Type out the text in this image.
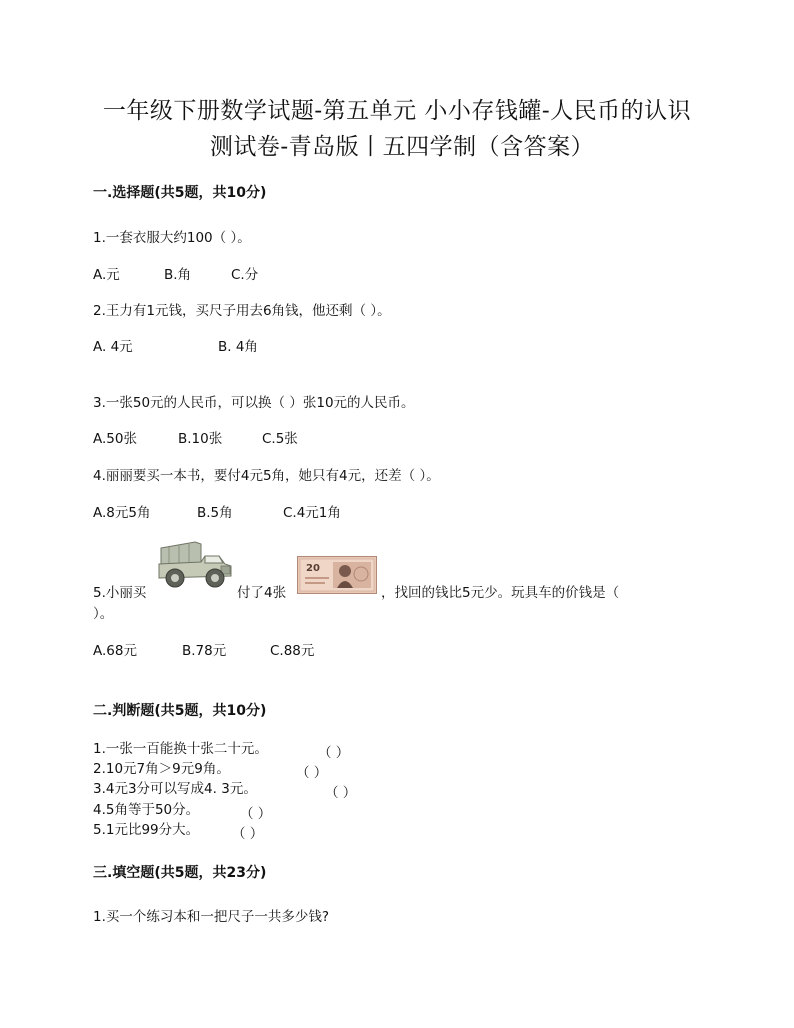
一年级下册数学试题-第五单元 小小存钱罐-人民币的认识
测试卷-青岛版丨五四学制（含答案）
一.选择题(共5题，共10分)
1.一套衣服大约100（ ）。
A.元	B.角	C.分
2.王力有1元钱，买尺子用去6角钱，他还剩（ ）。
A. 4元	B. 4角
3.一张50元的人民币，可以换（ ）张10元的人民币。
A.50张	B.10张	C.5张
4.丽丽要买一本书，要付4元5角，她只有4元，还差（ ）。
A.8元5角	B.5角	C.4元1角
5.小丽买	付了4张
20
，找回的钱比5元少。玩具车的价钱是（
）。
A.68元	B.78元	C.88元
二.判断题(共5题，共10分)
1.一张一百能换十张二十元。	（ ）
2.10元7角＞9元9角。	（ ）
3.4元3分可以写成4. 3元。	（ ）
4.5角等于50分。	（ ）
5.1元比99分大。 （ ）
三.填空题(共5题，共23分)
1.买一个练习本和一把尺子一共多少钱?
